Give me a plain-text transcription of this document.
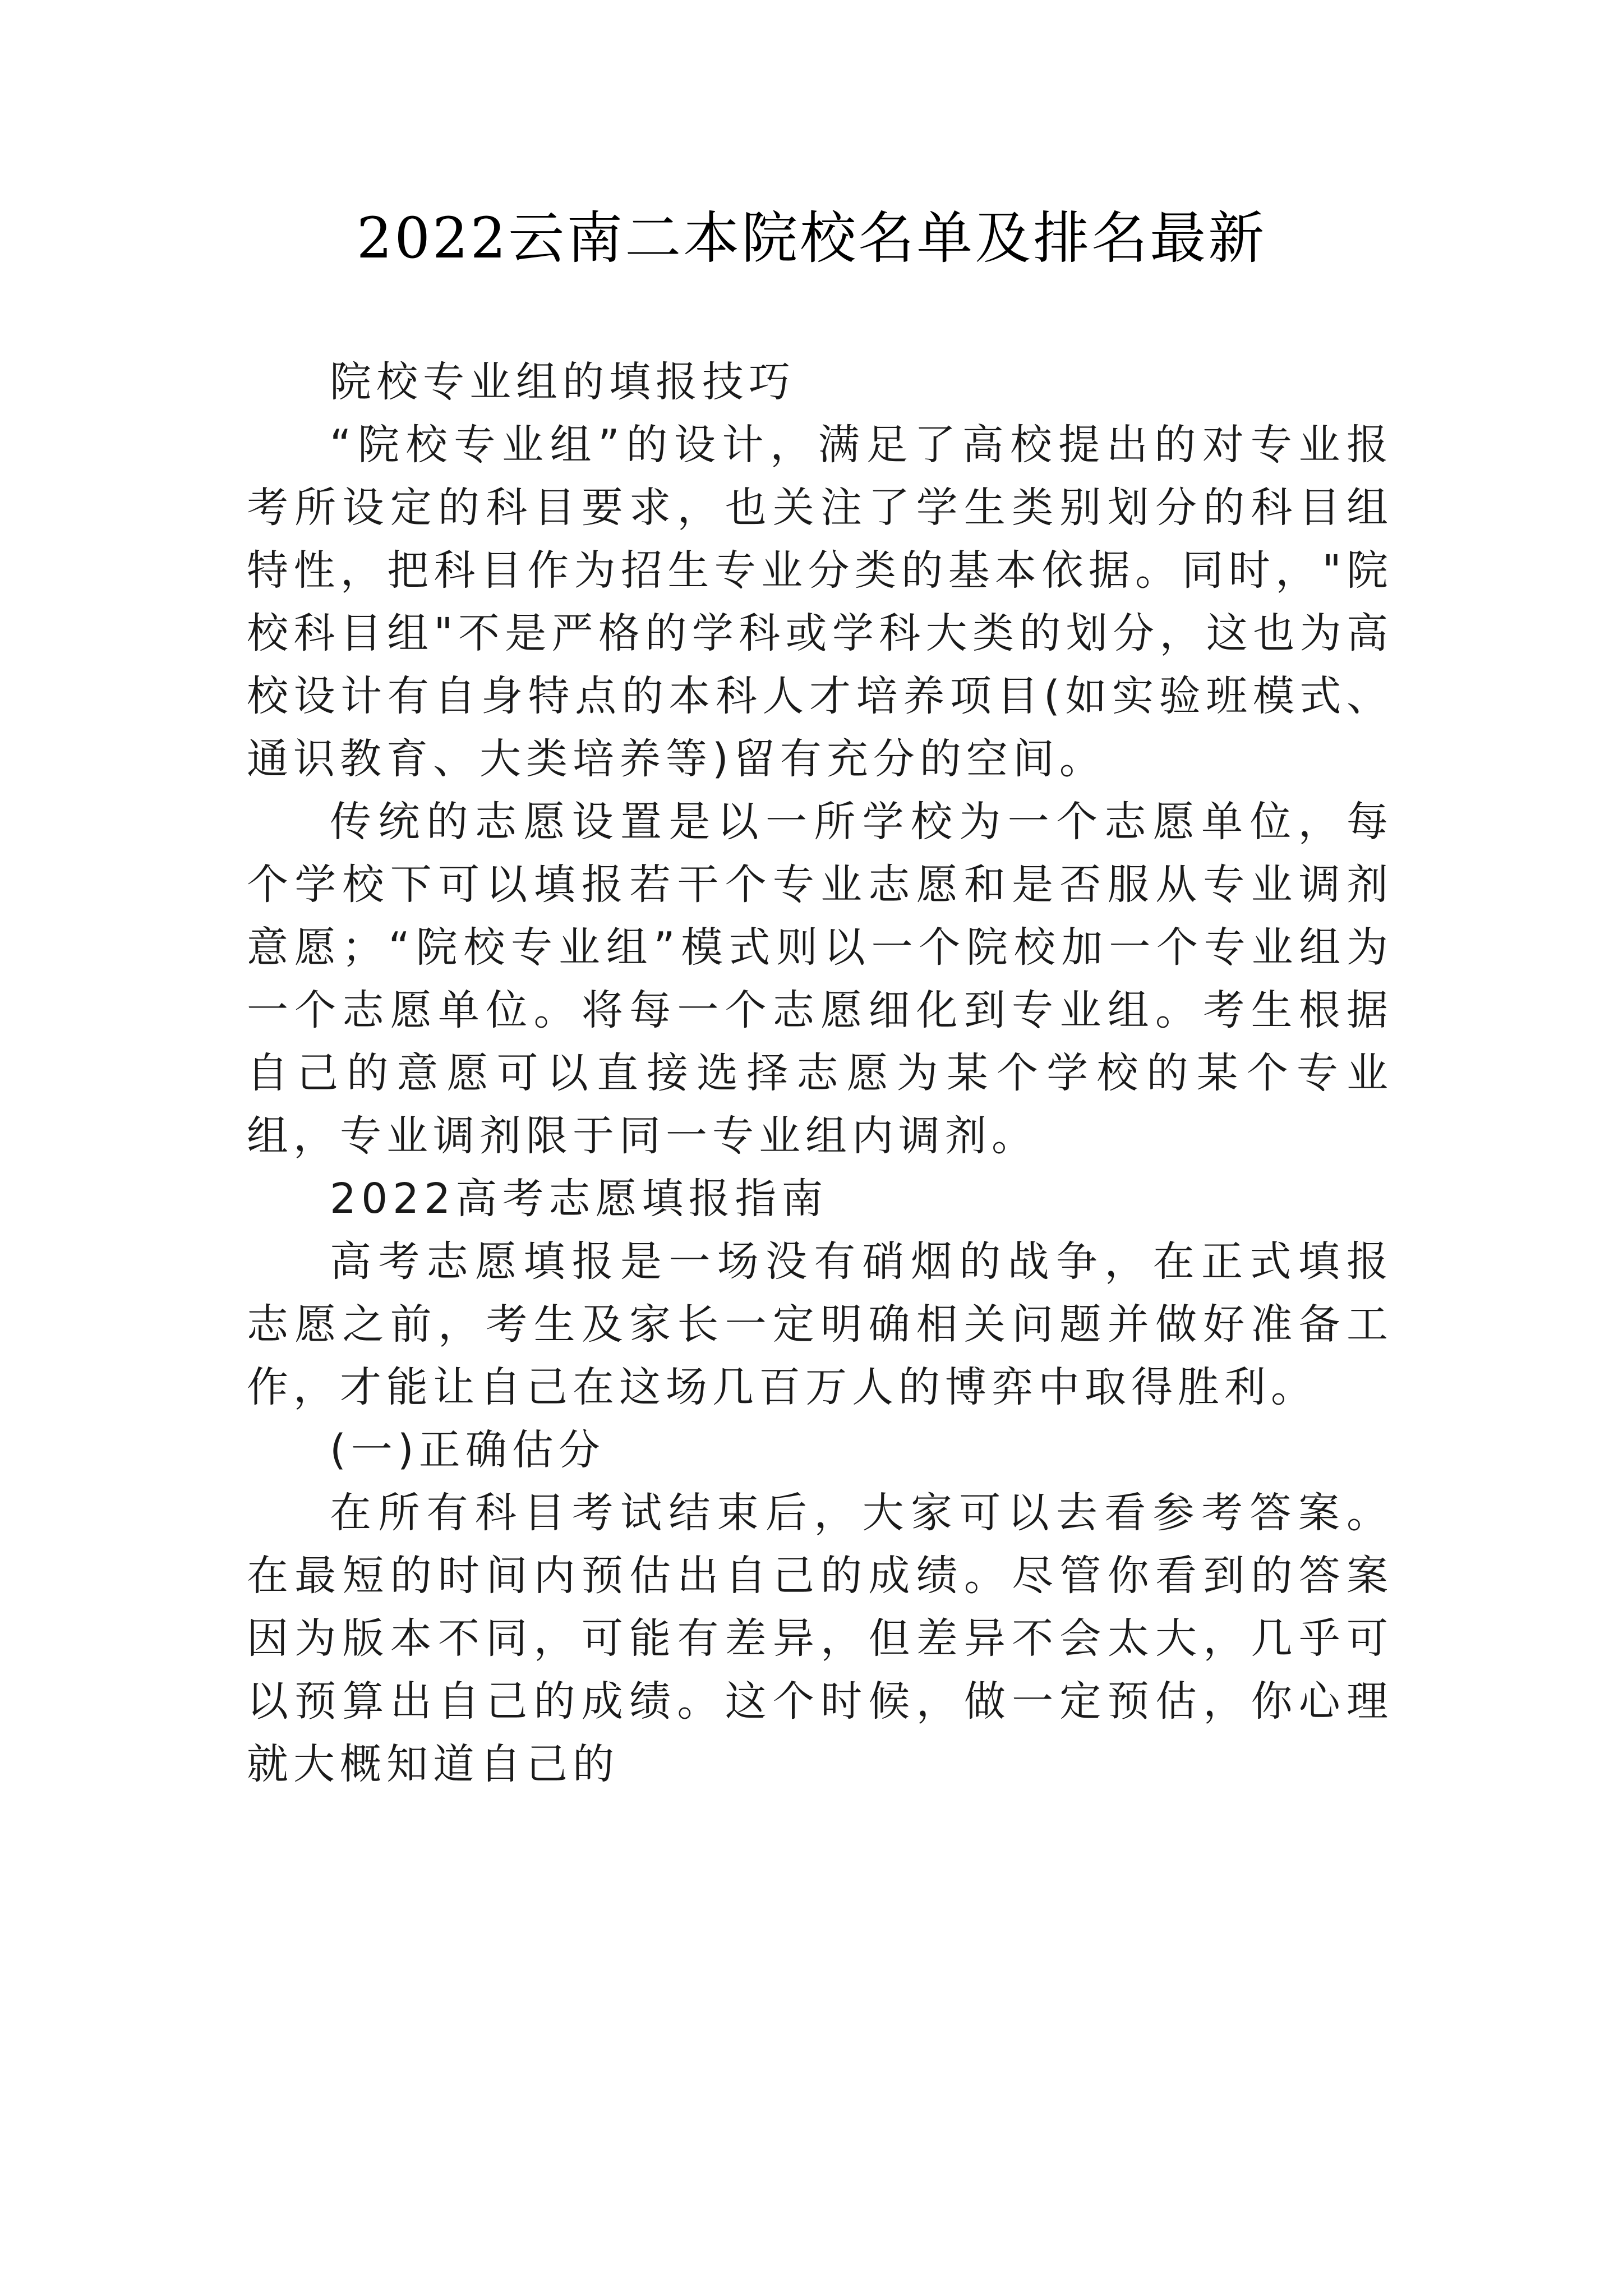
2022云南二本院校名单及排名最新

院校专业组的填报技巧

“院校专业组”的设计，满足了高校提出的对专业报考所设定的科目要求，也关注了学生类别划分的科目组特性，把科目作为招生专业分类的基本依据。同时，"院校科目组"不是严格的学科或学科大类的划分，这也为高校设计有自身特点的本科人才培养项目(如实验班模式、通识教育、大类培养等)留有充分的空间。

传统的志愿设置是以一所学校为一个志愿单位，每个学校下可以填报若干个专业志愿和是否服从专业调剂意愿；“院校专业组”模式则以一个院校加一个专业组为一个志愿单位。将每一个志愿细化到专业组。考生根据自己的意愿可以直接选择志愿为某个学校的某个专业组，专业调剂限于同一专业组内调剂。

2022高考志愿填报指南

高考志愿填报是一场没有硝烟的战争，在正式填报志愿之前，考生及家长一定明确相关问题并做好准备工作，才能让自己在这场几百万人的博弈中取得胜利。

(一)正确估分

在所有科目考试结束后，大家可以去看参考答案。在最短的时间内预估出自己的成绩。尽管你看到的答案因为版本不同，可能有差异，但差异不会太大，几乎可以预算出自己的成绩。这个时候，做一定预估，你心理就大概知道自己的
